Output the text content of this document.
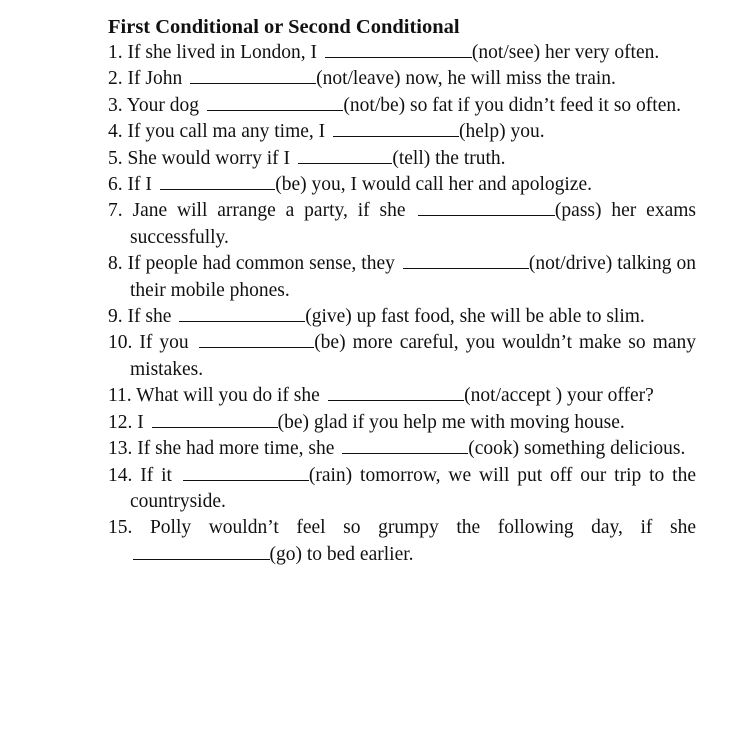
First Conditional or Second Conditional
1. If she lived in London, I	(not/see) her very often.
2. If John	(not/leave) now, he will miss the train.
3. Your dog	(not/be) so fat if you didn’t feed it so often.
4. If you call ma any time, I	(help) you.
5. She would worry if I	(tell) the truth.
6. If I	(be) you, I would call her and apologize.
7. Jane will arrange a party, if she	(pass) her exams successfully.
8. If people had common sense, they	(not/drive) talking on their mobile phones.
9. If she	(give) up fast food, she will be able to slim.
10. If you	(be) more careful, you wouldn’t make so many mistakes.
11. What will you do if she	(not/accept ) your offer?
12. I	(be) glad if you help me with moving house.
13. If she had more time, she	(cook) something delicious.
14. If it	(rain) tomorrow, we will put off our trip to the countryside.
15. Polly wouldn’t feel so grumpy the following day, if she (go) to bed earlier.
